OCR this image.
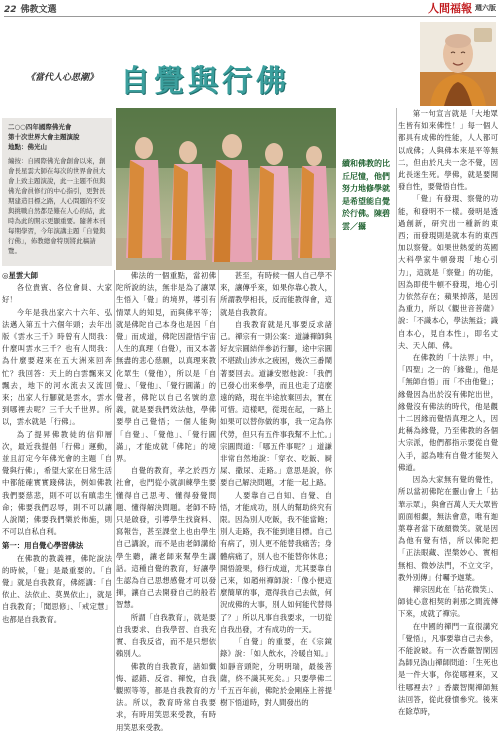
22 佛教文選	人間福報 週六版
《當代人心思潮》 自覺與行佛
二○○四年國際佛光會
第十次世界大會主題演說
地點：佛光山
編按：自國際佛光會創會以來，創會長星雲大師在每次的世界會員大會上致主題演說，此一主題不但與佛光會員修行的中心指引，更對長期建造目標之路，人心問題的不安與挑戰自然都是難在人心的結，此時為此的開示更顯重要。隨著本刊每期學習，今年演講主題「自覺與行佛」，佈教總會特別將此稿請覽。
續和佛教的比丘尼憧，他們努力地修學就是希望能自覺於行佛。陳碧雲／攝

◎星雲大師

各位貴賓、各位會員、大家好！

今年是我出家六十六年、弘法邁入第五十六個年頭；去年出版《雲水三千》時曾有人問我：什麼叫雲水三千？也有人問我：為什麼要趕來在五大洲來回奔忙？我回答：天上的白雲飄來又飄去，地下的河水流去又流回來；出家人行腳就是雲水，雲水到哪裡去呢？三千大千世界。所以，雲水就是「行佛」。

為了提昇佛教徒的信仰層次，最近我提倡「行佛」運動，並且訂定今年佛光會的主題「自覺與行佛」，希望大家在日常生活中都能確實實踐佛法，例如佛教我們要慈悲，則不可以有瞋恚生命；佛要我們忍辱，則不可以讓人說鬧；佛要我們樂於佈施，則不可以自私自利。

第一：用自覺心學習佛法

在佛教的教義裡，佛陀說法的時候，「覺」是最重要的。「自覺」就是自我教育，佛經講：「自依止、法依止、莫異依止」，就是自我教育；「聞思修」、「戒定慧」也都是自我教育。

佛法的一個重點，當初佛陀所說的法，無非是為了讓眾生悟入「覺」的境界，導引有情眾人的知見，而與佛平等；就是佛陀自己本身也是因「自覺」而成道，佛陀因證悟宇宙人生的真理（自覺），而又本著無盡的悲心慈願，以真理來教化眾生（覺他），所以是「自覺」、「覺他」、「覺行圓滿」的覺者，佛陀以自己名號的意義，就是要我們效法他，學佛要學自己覺悟；一個人能夠「自覺」、「覺他」、「覺行圓滿」，才能成就「佛陀」的境界。

自覺的教育，孝之於西方社會，也門從小就訓練學生要懂得自己思考、懂得發覺問題、懂得解決問題。老師不時只是啟發，引導學生找資料、寫報告，甚至課堂上也由學生自己講說，而不是由老師講給學生聽，讓老師來幫學生講話。這種自覺的教育，好讓學生認為自己思想感覺才可以發揮，讓自己去開發自己的般若智慧。

所謂「自我教育」，就是要自我要求、自我學習、自我充實、自我反省，而不是只想依賴別人。

佛教的自我教育，諸如懺悔、認錯、反省、禪悅，自我觀照等等，都是自我教育的方法。所以，教育時常自我要求，有時用笑思來受教，有時用笑思來受教。

甚至，有時候一個人自己學不來，讓傳乎來，如果你靠心教人，所謂教學相長，反而能教得會，這就是自我教育。

自我教育就是凡事要反求諸己。禪宗有一則公案：道謙禪師與好友宗圓結伴參訪行腳，途中宗圓不堪跋山涉水之疲困，幾次三番鬧著要回去。道謙安慰他說：「我們已發心出來參學，而且也走了這麼遠的路，現在半途放棄回去，實在可惜。這樣吧，從現在起，一路上如果可以替你做的事，我一定為你代勞，但只有五件事我幫不上忙。」宗圓問道：「哪五件事呢？」道謙非常自然地說：「穿衣、吃飯、屙屎、撒尿、走路。」意思是說，你要自己解決問題，才能一起上路。

人要靠自己自知、自覺、自悟，才能成功，別人的幫助終究有限。因為別人吃飯，我不能當飽；別人走路，我不能到達目標。自己有病了，別人更不能替我痛苦；身體病痛了，別人也不能替你休息；開悟證果，修行成道，尤其要靠自己來，如趙州禪師說：「像小便這麼簡單的事，還得我自己去做，何況成佛的大事，別人如何能代替得了？」所以凡事自我要求，一切從自我出發，才有成功的一天。

「自覺」的重要，在《宗鏡錄》說：「如人飲水，冷暖自知。」如靜音頭陀，分明明瑞，最後菩薩，終不識其死矣。」只要學佛二千五百年前，佛陀於金剛座上菩提樹下悟道時，對人間發出的

第一句宣言就是「大地眾生皆有如來佛性！」每一個人都具有成佛的性能，人人都可以成佛；人與佛本來是平等無二，但由於凡夫一念不覺，因此長迷生死。學佛，就是要開發自性，要覺悟自性。

「覺」有發現、察覺的功能，和發明不一樣。發明是透過創新，研究出一種新的東西；而發現則是就本有的東西加以察覺。如果世熱愛的英國大科學家牛頓發現「地心引力」，這就是「察覺」的功能，因為即使牛頓不發現，地心引力依然存在；蘋果掉落，是因為重力，所以《觀世音菩薩》說：「不識本心，學法無益；識自本心，見自本性」，即名丈夫、天人師、佛。

在佛教的「十法界」中，「四聖」之一的「緣覺」，他是「無師自悟」而「不由他覺」；緣覺因為出於沒有佛陀出世，緣覺沒有佛法的時代，他是觀十二因緣而覺悟真理之人，因此稱為緣覺，乃至佛教的各個大宗派，他們都指示要從自覺入手，認為唯有自覺才能契入佛道。

因為大家無有覺的覺性，所以當初佛陀在靈山會上「拈華示眾」，與會百萬人天大眾皆面面相覷，無法會意，唯有迦葉尊者當下破顏微笑。就是因為他有覺有悟，所以佛陀把「正法眼藏、涅槃妙心、實相無相、微妙法門，不立文字，教外別傳」付囑予迦葉。

禪宗因此在「拈花微笑」、師徒心意相契的剎那之間流傳下來，成就了禪宗。

在中國的禪門一直很講究「覺悟」，凡事要靠自己去參，不能說破。有一次香嚴智閑因為師兄溈山禪師問道：「生死也是一件大事，你從哪裡來，又往哪裡去？」香嚴智閑禪師無法回答，從此發憤參究。後來在除草時，
